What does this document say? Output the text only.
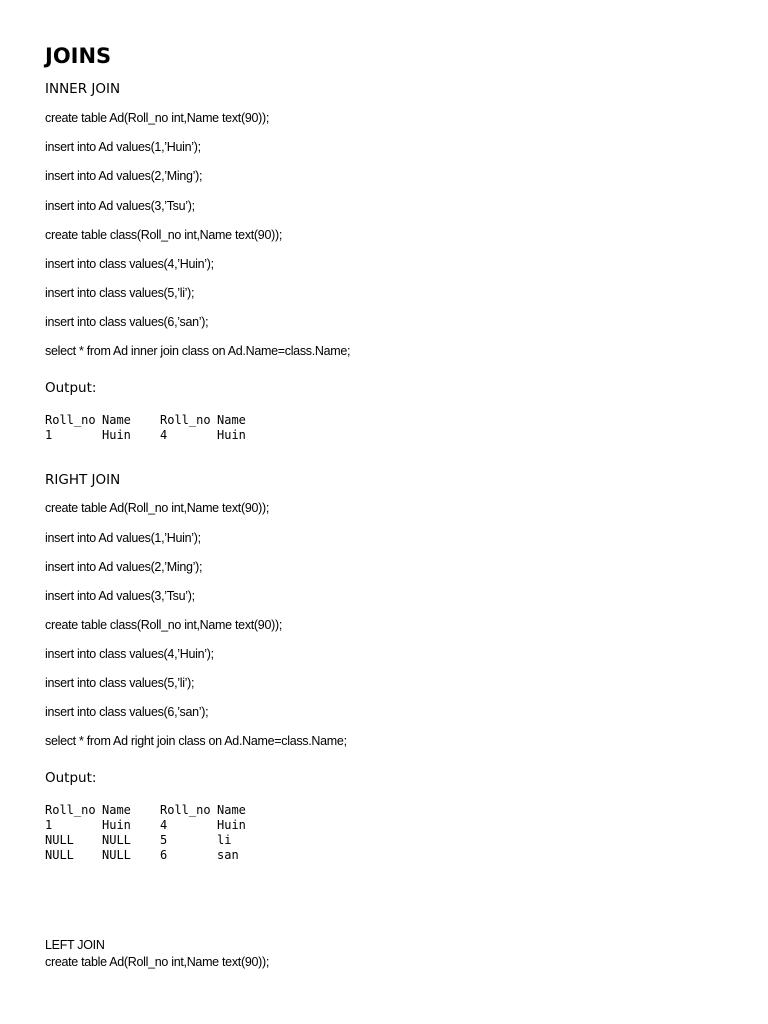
JOINS
INNER JOIN
create table Ad(Roll_no int,Name text(90));
insert into Ad values(1,’Huin’);
insert into Ad values(2,’Ming’);
insert into Ad values(3,’Tsu’);
create table class(Roll_no int,Name text(90));
insert into class values(4,’Huin’);
insert into class values(5,’li’);
insert into class values(6,’san’);
select * from Ad inner join class on Ad.Name=class.Name;
Output:
Roll_no	Name	Roll_no	Name
1	Huin	4	Huin
RIGHT JOIN
create table Ad(Roll_no int,Name text(90));
insert into Ad values(1,’Huin’);
insert into Ad values(2,’Ming’);
insert into Ad values(3,’Tsu’);
create table class(Roll_no int,Name text(90));
insert into class values(4,’Huin’);
insert into class values(5,’li’);
insert into class values(6,’san’);
select * from Ad right join class on Ad.Name=class.Name;
Output:
Roll_no	Name	Roll_no	Name
1	Huin	4	Huin
NULL	NULL	5	li
NULL	NULL	6	san
LEFT JOIN
create table Ad(Roll_no int,Name text(90));
